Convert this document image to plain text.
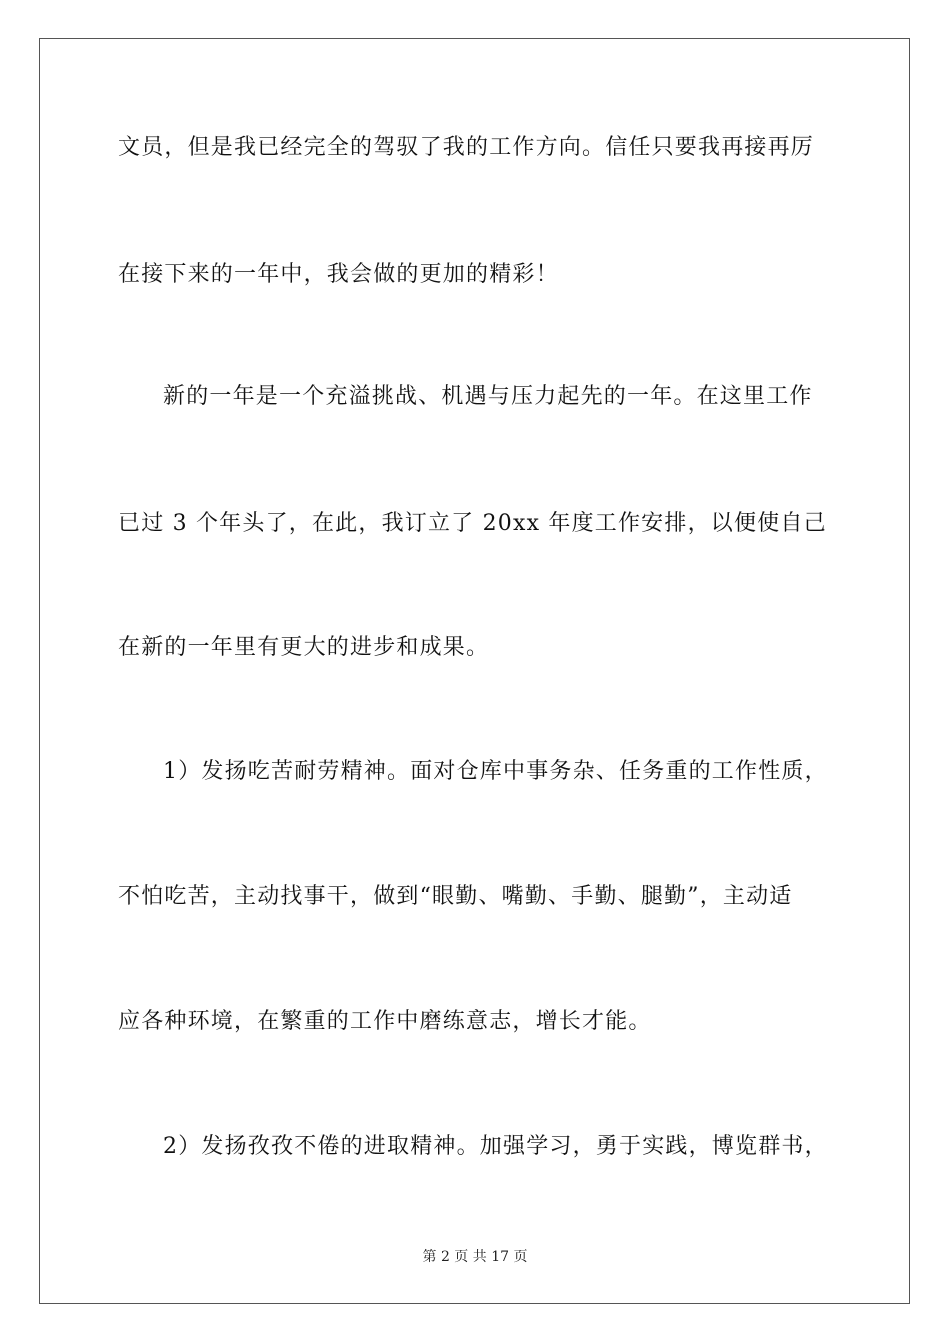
文员，但是我已经完全的驾驭了我的工作方向。信任只要我再接再厉
在接下来的一年中，我会做的更加的精彩！
新的一年是一个充溢挑战、机遇与压力起先的一年。在这里工作
已过 3 个年头了，在此，我订立了 20xx 年度工作安排，以便使自己
在新的一年里有更大的进步和成果。
1）发扬吃苦耐劳精神。面对仓库中事务杂、任务重的工作性质，
不怕吃苦，主动找事干，做到“眼勤、嘴勤、手勤、腿勤”，主动适
应各种环境，在繁重的工作中磨练意志，增长才能。
2）发扬孜孜不倦的进取精神。加强学习，勇于实践，博览群书，
第 2 页 共 17 页
